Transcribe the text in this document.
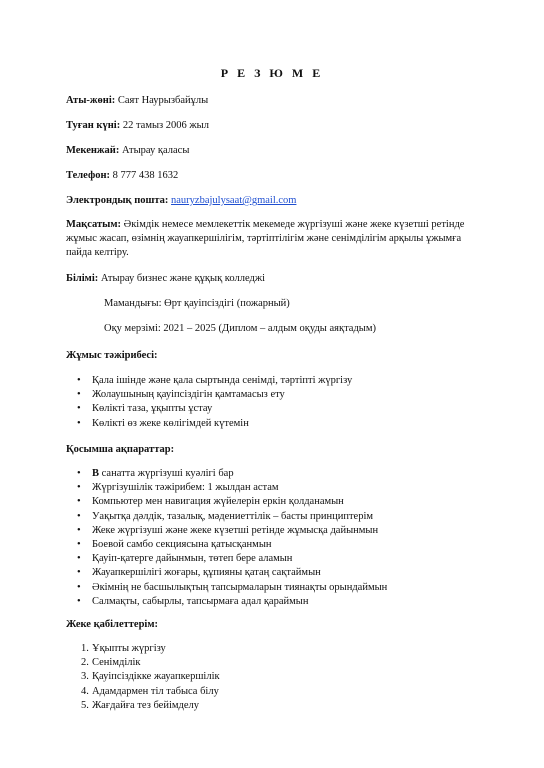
Р Е З Ю М Е
Аты-жөні: Саят Наурызбайұлы
Туған күні: 22 тамыз 2006 жыл
Мекенжай: Атырау қаласы
Телефон: 8 777 438 1632
Электрондық пошта: nauryzbajulysaat@gmail.com
Мақсатым: Әкімдік немесе мемлекеттік мекемеде жүргізуші және жеке күзетші ретінде жұмыс жасап, өзімнің жауапкершілігім, тәртіптілігім және сенімділігім арқылы ұжымға пайда келтіру.
Білімі: Атырау бизнес және құқық колледжі
Мамандығы: Өрт қауіпсіздігі (пожарный)
Оқу мерзімі: 2021 – 2025 (Диплом – алдым оқуды аяқтадым)
Жұмыс тәжірибесі:
• Қала ішінде және қала сыртында сенімді, тәртіпті жүргізу
• Жолаушының қауіпсіздігін қамтамасыз ету
• Көлікті таза, ұқыпты ұстау
• Көлікті өз жеке көлігімдей күтемін
Қосымша ақпараттар:
• В санатта жүргізуші куәлігі бар
• Жүргізушілік тәжірибем: 1 жылдан астам
• Компьютер мен навигация жүйелерін еркін қолданамын
• Уақытқа дәлдік, тазалық, мәдениеттілік – басты принциптерім
• Жеке жүргізуші және жеке күзетші ретінде жұмысқа дайынмын
• Боевой самбо секциясына қатысқанмын
• Қауіп-қатерге дайынмын, төтеп бере аламын
• Жауапкершілігі жоғары, құпияны қатаң сақтаймын
• Әкімнің не басшылықтың тапсырмаларын тиянақты орындаймын
• Салмақты, сабырлы, тапсырмаға адал қараймын
Жеке қабілеттерім:
1. Ұқыпты жүргізу
2. Сенімділік
3. Қауіпсіздікке жауапкершілік
4. Адамдармен тіл табыса білу
5. Жағдайға тез бейімделу
